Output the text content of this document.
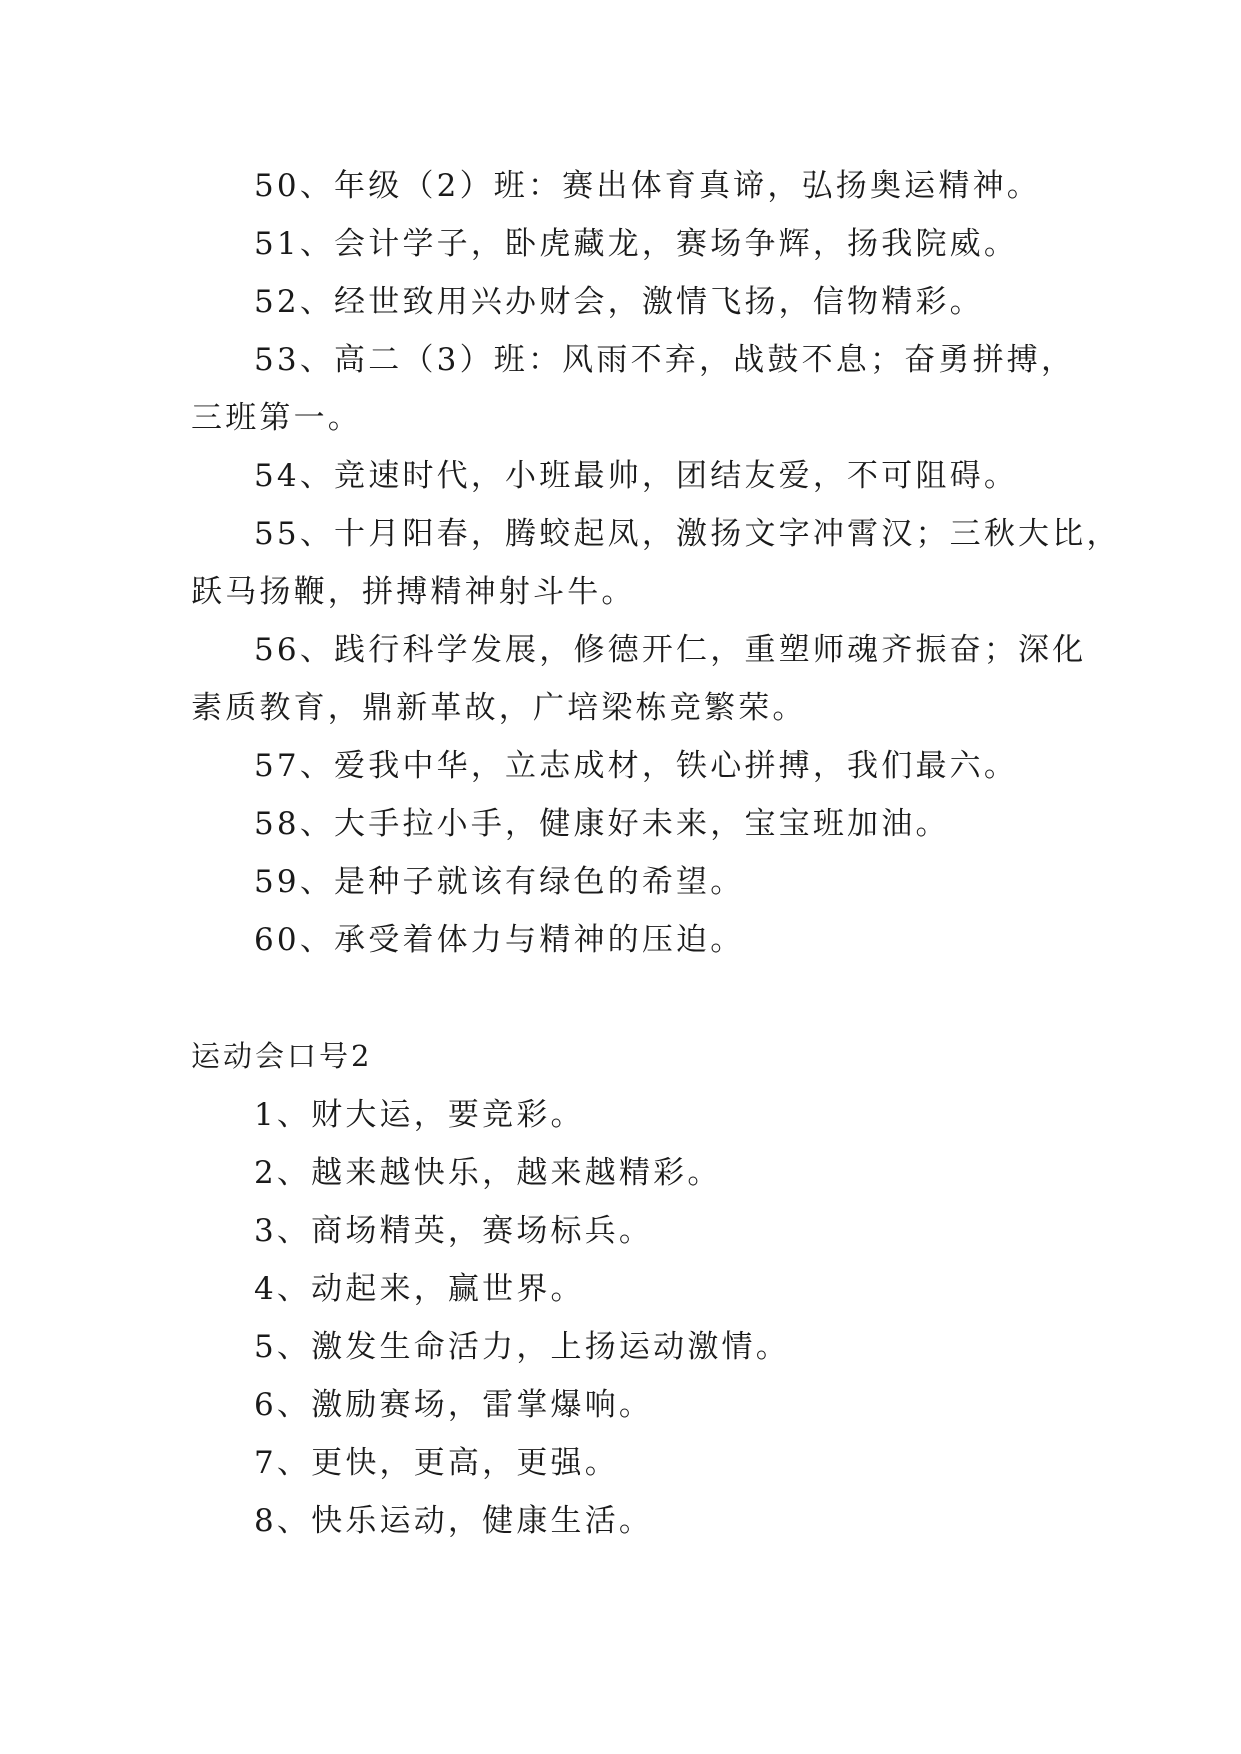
50、年级（2）班：赛出体育真谛，弘扬奥运精神。
51、会计学子，卧虎藏龙，赛场争辉，扬我院威。
52、经世致用兴办财会，激情飞扬，信物精彩。
53、高二（3）班：风雨不弃，战鼓不息；奋勇拼搏，
三班第一。
54、竞速时代，小班最帅，团结友爱，不可阻碍。
55、十月阳春，腾蛟起凤，激扬文字冲霄汉；三秋大比，
跃马扬鞭，拼搏精神射斗牛。
56、践行科学发展，修德开仁，重塑师魂齐振奋；深化
素质教育，鼎新革故，广培梁栋竞繁荣。
57、爱我中华，立志成材，铁心拼搏，我们最六。
58、大手拉小手，健康好未来，宝宝班加油。
59、是种子就该有绿色的希望。
60、承受着体力与精神的压迫。
运动会口号2
1、财大运，要竞彩。
2、越来越快乐，越来越精彩。
3、商场精英，赛场标兵。
4、动起来，赢世界。
5、激发生命活力，上扬运动激情。
6、激励赛场，雷掌爆响。
7、更快，更高，更强。
8、快乐运动，健康生活。
